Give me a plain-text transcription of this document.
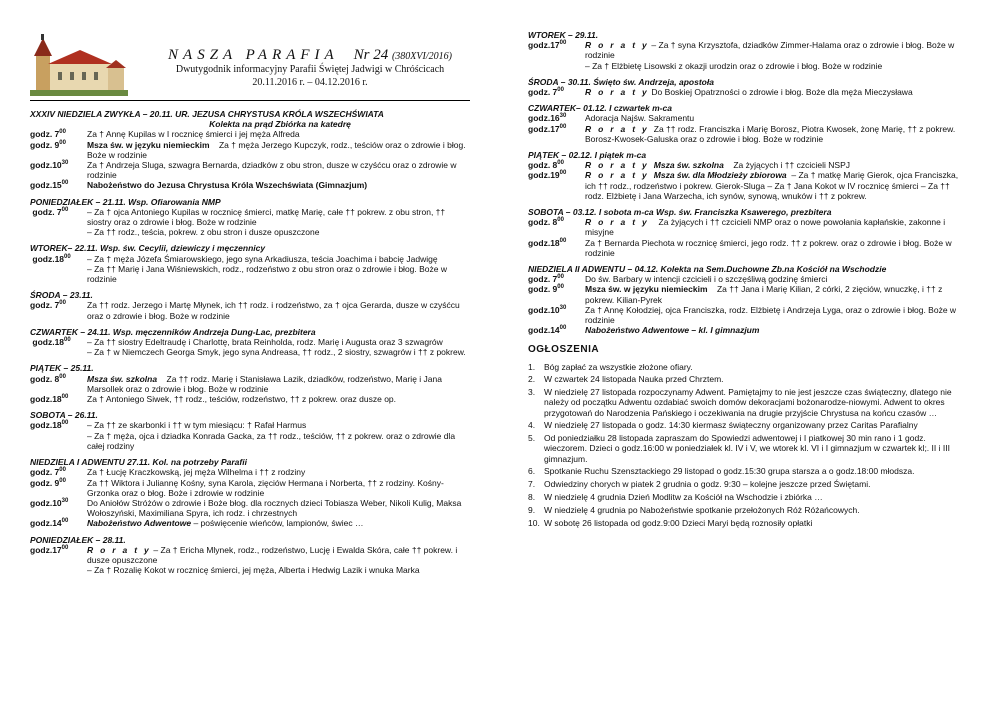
NASZA PARAFIA Nr 24 (380XVI/2016)
Dwutygodnik informacyjny Parafii Świętej Jadwigi w Chróścicach
20.11.2016 r. – 04.12.2016 r.
XXXIV NIEDZIELA ZWYKŁA – 20.11. UR. JEZUSA CHRYSTUSA KRÓLA WSZECHŚWIATA
Kolekta na prąd Zbiórka na katedrę
godz. $7^{00}$	Za † Annę Kupilas w I rocznicę śmierci i jej męża Alfreda
godz. $9^{00}$	Msza św. w języku niemieckim Za † męża Jerzego Kupczyk, rodz., teściów oraz o zdrowie i błog. Boże w rodzinie
$godz.10^{30}$	Za † Andrzeja Sluga, szwagra Bernarda, dziadków z obu stron, dusze w czyśćcu oraz o zdrowie w rodzinie
$godz.15^{00}$	Nabożeństwo do Jezusa Chrystusa Króla Wszechświata (Gimnazjum)
PONIEDZIAŁEK – 21.11. Wsp. Ofiarowania NMP
godz. $7^{00}$	– Za † ojca Antoniego Kupilas w rocznicę śmierci, matkę Marię, całe †† pokrew. z obu stron, †† siostry oraz o zdrowie i błog. Boże w rodzinie
– Za †† rodz., teścia, pokrew. z obu stron i dusze opuszczone
WTOREK– 22.11. Wsp. św. Cecylii, dziewiczy i męczennicy
$godz.18^{00}$	– Za † męża Józefa Śmiarowskiego, jego syna Arkadiusza, teścia Joachima i babcię Jadwigę
– Za †† Marię i Jana Wiśniewskich, rodz., rodzeństwo z obu stron oraz o zdrowie i błog. Boże w rodzinie
ŚRODA – 23.11.
godz. $7^{00}$	Za †† rodz. Jerzego i Martę Młynek, ich †† rodz. i rodzeństwo, za † ojca Gerarda, dusze w czyśćcu oraz o zdrowie i błog. Boże w rodzinie
CZWARTEK – 24.11. Wsp. męczenników Andrzeja Dung-Lac, prezbitera
$godz.18^{00}$	– Za †† siostry Edeltraudę i Charlottę, brata Reinholda, rodz. Marię i Augusta oraz 3 szwagrów
– Za † w Niemczech Georga Smyk, jego syna Andreasa, †† rodz., 2 siostry, szwagrów i †† z pokrew.
PIĄTEK – 25.11.
godz. $8^{00}$	Msza św. szkolna Za †† rodz. Marię i Stanisława Lazik, dziadków, rodzeństwo, Marię i Jana Marsollek oraz o zdrowie i błog. Boże w rodzinie
$godz.18^{00}$	Za † Antoniego Siwek, †† rodz., teściów, rodzeństwo, †† z pokrew. oraz dusze op.
SOBOTA – 26.11.
$godz.18^{00}$	– Za †† ze skarbonki i †† w tym miesiącu: † Rafał Harmus
– Za † męża, ojca i dziadka Konrada Gacka, za †† rodz., teściów, †† z pokrew. oraz o zdrowie dla całej rodziny
NIEDZIELA I ADWENTU 27.11. Kol. na potrzeby Parafii
godz. $7^{00}$	Za † Łucję Kraczkowską, jej męża Wilhelma i †† z rodziny
godz. $9^{00}$	Za †† Wiktora i Juliannę Kośny, syna Karola, zięciów Hermana i Norberta, †† z rodziny. Kośny-Grzonka oraz o błog. Boże i zdrowie w rodzinie
$godz.10^{30}$	Do Aniołów Stróżów o zdrowie i Boże błog. dla rocznych dzieci Tobiasza Weber, Nikoli Kulig, Maksa Wołoszyński, Maximiliana Spyra, ich rodz. i chrzestnych
$godz.14^{00}$	Nabożeństwo Adwentowe – poświęcenie wieńców, lampionów, świec …
PONIEDZIAŁEK – 28.11.
$godz.17^{00}$	R o r a t y – Za † Ericha Mlynek, rodz., rodzeństwo, Lucję i Ewalda Skóra, całe †† pokrew. i dusze opuszczone
– Za † Rozalię Kokot w rocznicę śmierci, jej męża, Alberta i Hedwig Lazik i wnuka Marka
WTOREK – 29.11.
$godz.17^{00}$	R o r a t y – Za † syna Krzysztofa, dziadków Zimmer-Halama oraz o zdrowie i błog. Boże w rodzinie
– Za † Elżbietę Lisowski z okazji urodzin oraz o zdrowie i błog. Boże w rodzinie
ŚRODA – 30.11. Święto św. Andrzeja, apostoła
godz. $7^{00}$	R o r a t y Do Boskiej Opatrzności o zdrowie i błog. Boże dla męża Mieczysława
CZWARTEK– 01.12. I czwartek m-ca
$godz.16^{30}$	Adoracja Najśw. Sakramentu
$godz.17^{00}$	R o r a t y Za †† rodz. Franciszka i Marię Borosz, Piotra Kwosek, żonę Marię, †† z pokrew. Borosz-Kwosek-Galuska oraz o zdrowie i błog. Boże w rodzinie
PIĄTEK – 02.12. I piątek m-ca
godz. $8^{00}$	R o r a t y Msza św. szkolna Za żyjących i †† czcicieli NSPJ
$godz.19^{00}$	R o r a t y Msza św. dla Młodzieży zbiorowa – Za † matkę Marię Gierok, ojca Franciszka, ich †† rodz., rodzeństwo i pokrew. Gierok-Sluga – Za † Jana Kokot w IV rocznicę śmierci – Za †† rodz. Elżbietę i Jana Warzecha, ich synów, synową, wnuków i †† z pokrew.
SOBOTA – 03.12. I sobota m-ca Wsp. św. Franciszka Ksawerego, prezbitera
godz. $8^{00}$	R o r a t y Za żyjących i †† czcicieli NMP oraz o nowe powołania kapłańskie, zakonne i misyjne
$godz.18^{00}$	Za † Bernarda Piechota w rocznicę śmierci, jego rodz. †† z pokrew. oraz o zdrowie i błog. Boże w rodzinie
NIEDZIELA II ADWENTU – 04.12. Kolekta na Sem.Duchowne Zb.na Kościół na Wschodzie
godz. $7^{00}$	Do św. Barbary w intencji czcicieli i o szczęśliwą godzinę śmierci
godz. $9^{00}$	Msza św. w języku niemieckim Za †† Jana i Marię Kilian, 2 córki, 2 zięciów, wnuczkę, i †† z pokrew. Kilian-Pyrek
$godz.10^{30}$	Za † Annę Kołodziej, ojca Franciszka, rodz. Elżbietę i Andrzeja Lyga, oraz o zdrowie i błog. Boże w rodzinie
$godz.14^{00}$	Nabożeństwo Adwentowe – kl. I gimnazjum
OGŁOSZENIA
1.	Bóg zapłać za wszystkie złożone ofiary.
2.	W czwartek 24 listopada Nauka przed Chrztem.
3.	W niedzielę 27 listopada rozpoczynamy Adwent. Pamiętajmy to nie jest jeszcze czas świąteczny, dlatego nie należy od początku Adwentu ozdabiać swoich domów dekoracjami bożonarodze-niowymi. Adwent to okres przygotowań do Narodzenia Pańskiego i oczekiwania na drugie przyjście Chrystusa na końcu czasów …
4.	W niedzielę 27 listopada o godz. 14:30 kiermasz świąteczny organizowany przez Caritas Parafialny
5.	Od poniedziałku 28 listopada zapraszam do Spowiedzi adwentowej i I piatkowej 30 min rano i 1 godz. wieczorem. Dzieci o godz.16:00 w poniedziałek kl. IV i V, we wtorek kl. VI i I gimnazjum w czwartek kl;. II i III gimnazjum.
6.	Spotkanie Ruchu Szensztackiego 29 listopad o godz.15:30 grupa starsza a o godz.18:00 młodsza.
7.	Odwiedziny chorych w piatek 2 grudnia o godz. 9:30 – kolejne jeszcze przed Świętami.
8.	W niedzielę 4 grudnia Dzień Modlitw za Kościół na Wschodzie i zbiórka …
9.	W niedzielę 4 grudnia po Nabożeństwie spotkanie przełożonych Róż Różańcowych.
10. W sobotę 26 listopada od godz.9:00 Dzieci Maryi będą roznosiły opłatki
